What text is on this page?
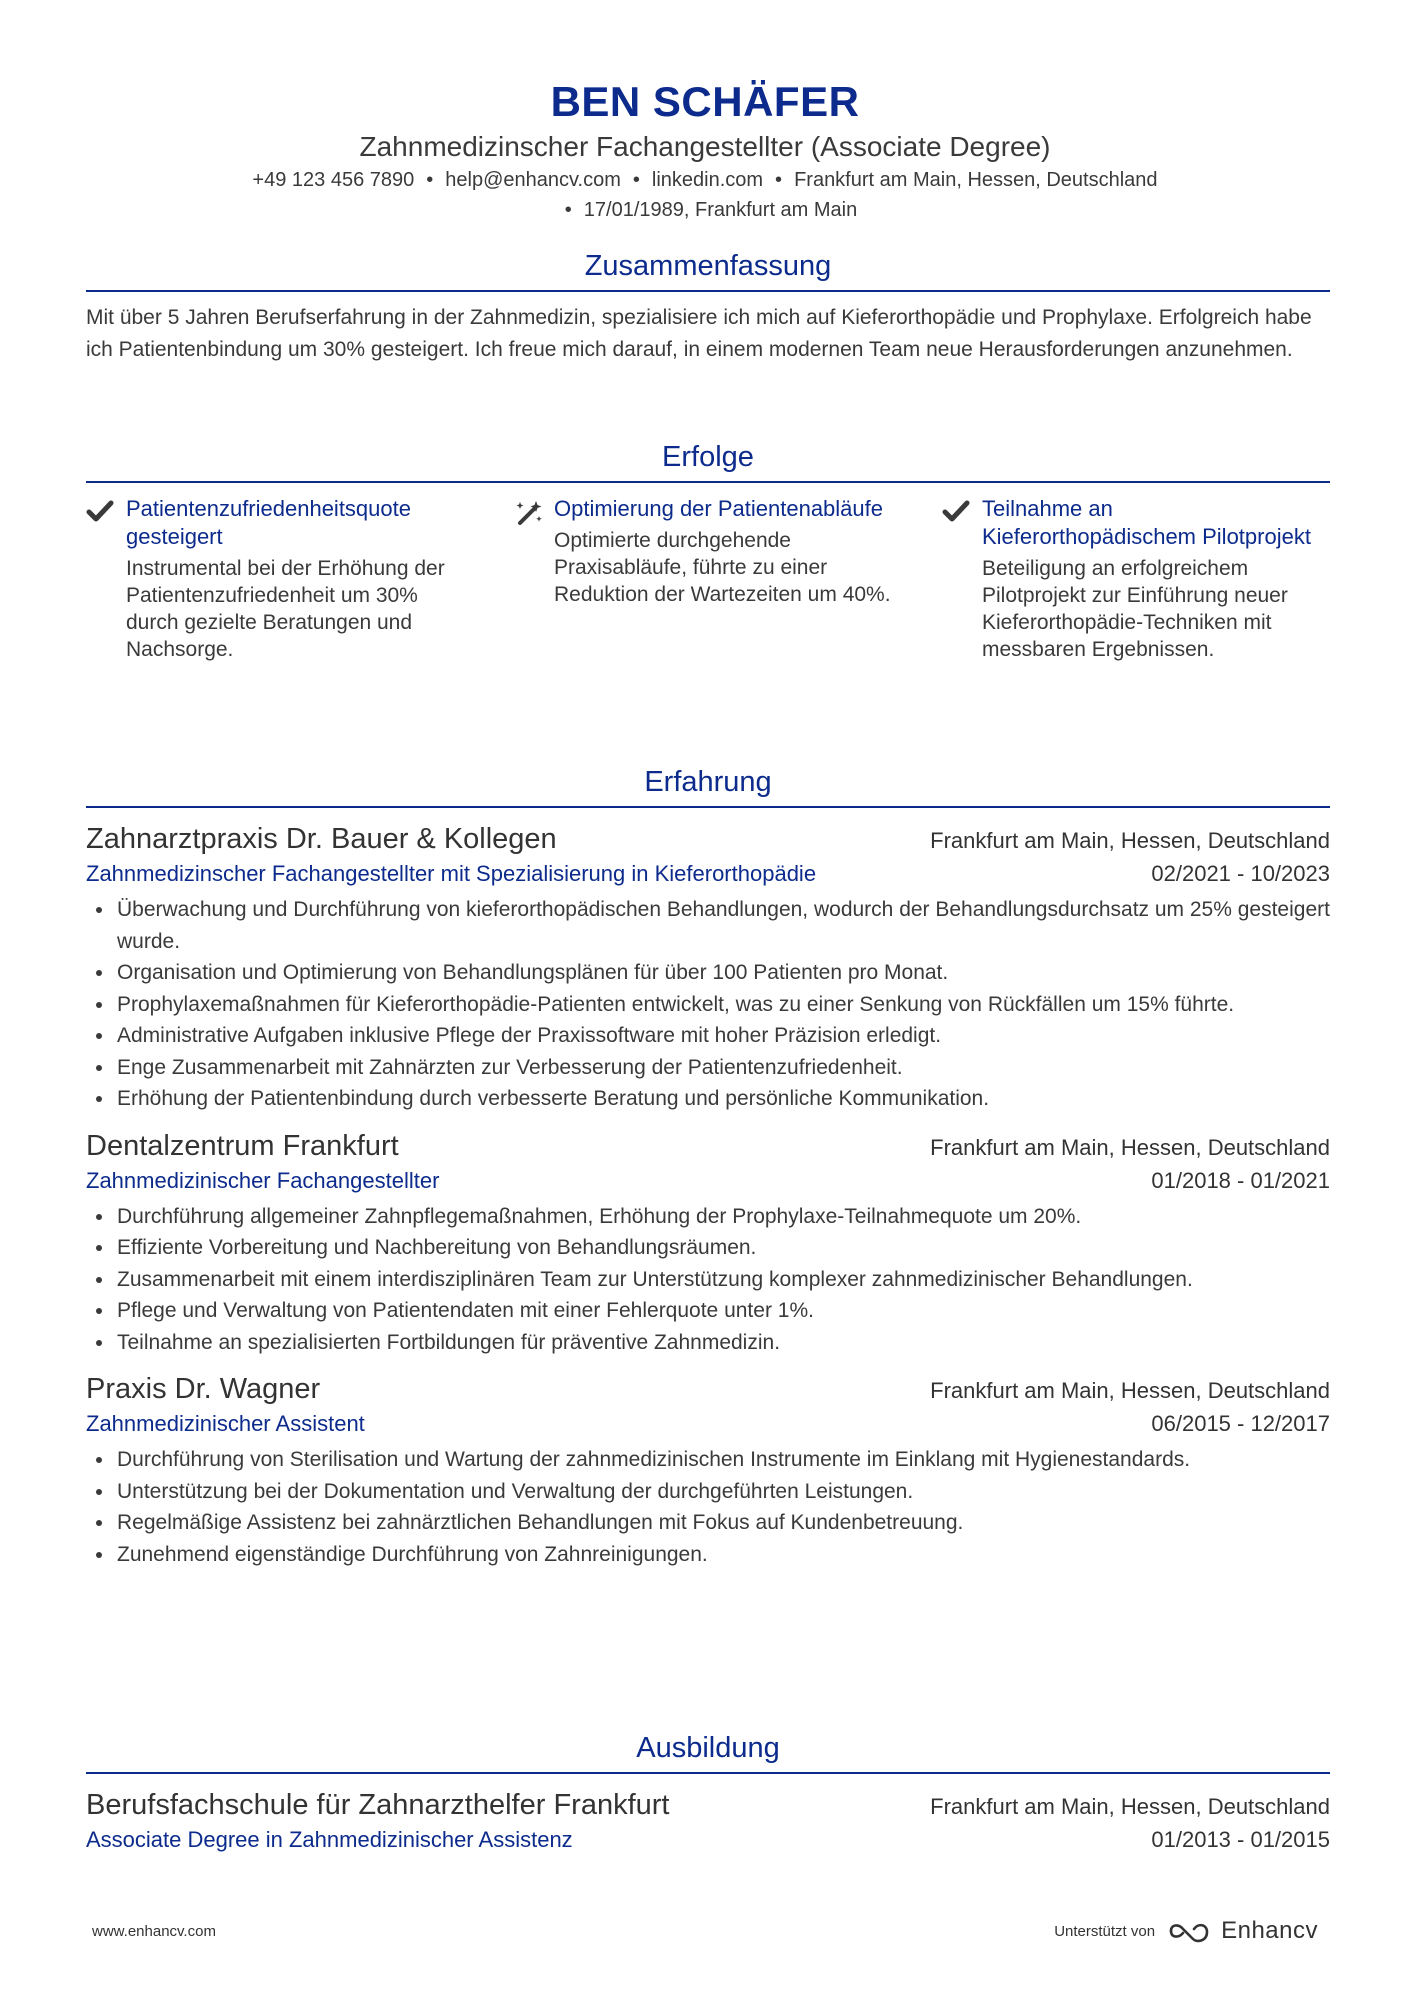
BEN SCHÄFER
Zahnmedizinscher Fachangestellter (Associate Degree)
+49 123 456 7890 • help@enhancv.com • linkedin.com • Frankfurt am Main, Hessen, Deutschland
• 17/01/1989, Frankfurt am Main
Zusammenfassung
Mit über 5 Jahren Berufserfahrung in der Zahnmedizin, spezialisiere ich mich auf Kieferorthopädie und Prophylaxe. Erfolgreich habe ich Patientenbindung um 30% gesteigert. Ich freue mich darauf, in einem modernen Team neue Herausforderungen anzunehmen.
Erfolge
Patientenzufriedenheitsquote gesteigert
Instrumental bei der Erhöhung der Patientenzufriedenheit um 30% durch gezielte Beratungen und Nachsorge.
Optimierung der Patientenabläufe
Optimierte durchgehende Praxisabläufe, führte zu einer Reduktion der Wartezeiten um 40%.
Teilnahme an Kieferorthopädischem Pilotprojekt
Beteiligung an erfolgreichem Pilotprojekt zur Einführung neuer Kieferorthopädie-Techniken mit messbaren Ergebnissen.
Erfahrung
Zahnarztpraxis Dr. Bauer & Kollegen	Frankfurt am Main, Hessen, Deutschland
Zahnmedizinscher Fachangestellter mit Spezialisierung in Kieferorthopädie	02/2021 - 10/2023
• Überwachung und Durchführung von kieferorthopädischen Behandlungen, wodurch der Behandlungsdurchsatz um 25% gesteigert wurde.
• Organisation und Optimierung von Behandlungsplänen für über 100 Patienten pro Monat.
• Prophylaxemaßnahmen für Kieferorthopädie-Patienten entwickelt, was zu einer Senkung von Rückfällen um 15% führte.
• Administrative Aufgaben inklusive Pflege der Praxissoftware mit hoher Präzision erledigt.
• Enge Zusammenarbeit mit Zahnärzten zur Verbesserung der Patientenzufriedenheit.
• Erhöhung der Patientenbindung durch verbesserte Beratung und persönliche Kommunikation.
Dentalzentrum Frankfurt	Frankfurt am Main, Hessen, Deutschland
Zahnmedizinischer Fachangestellter	01/2018 - 01/2021
• Durchführung allgemeiner Zahnpflegemaßnahmen, Erhöhung der Prophylaxe-Teilnahmequote um 20%.
• Effiziente Vorbereitung und Nachbereitung von Behandlungsräumen.
• Zusammenarbeit mit einem interdisziplinären Team zur Unterstützung komplexer zahnmedizinischer Behandlungen.
• Pflege und Verwaltung von Patientendaten mit einer Fehlerquote unter 1%.
• Teilnahme an spezialisierten Fortbildungen für präventive Zahnmedizin.
Praxis Dr. Wagner	Frankfurt am Main, Hessen, Deutschland
Zahnmedizinischer Assistent	06/2015 - 12/2017
• Durchführung von Sterilisation und Wartung der zahnmedizinischen Instrumente im Einklang mit Hygienestandards.
• Unterstützung bei der Dokumentation und Verwaltung der durchgeführten Leistungen.
• Regelmäßige Assistenz bei zahnärztlichen Behandlungen mit Fokus auf Kundenbetreuung.
• Zunehmend eigenständige Durchführung von Zahnreinigungen.
Ausbildung
Berufsfachschule für Zahnarzthelfer Frankfurt	Frankfurt am Main, Hessen, Deutschland
Associate Degree in Zahnmedizinischer Assistenz	01/2013 - 01/2015
www.enhancv.com	Unterstützt von	Enhancv
